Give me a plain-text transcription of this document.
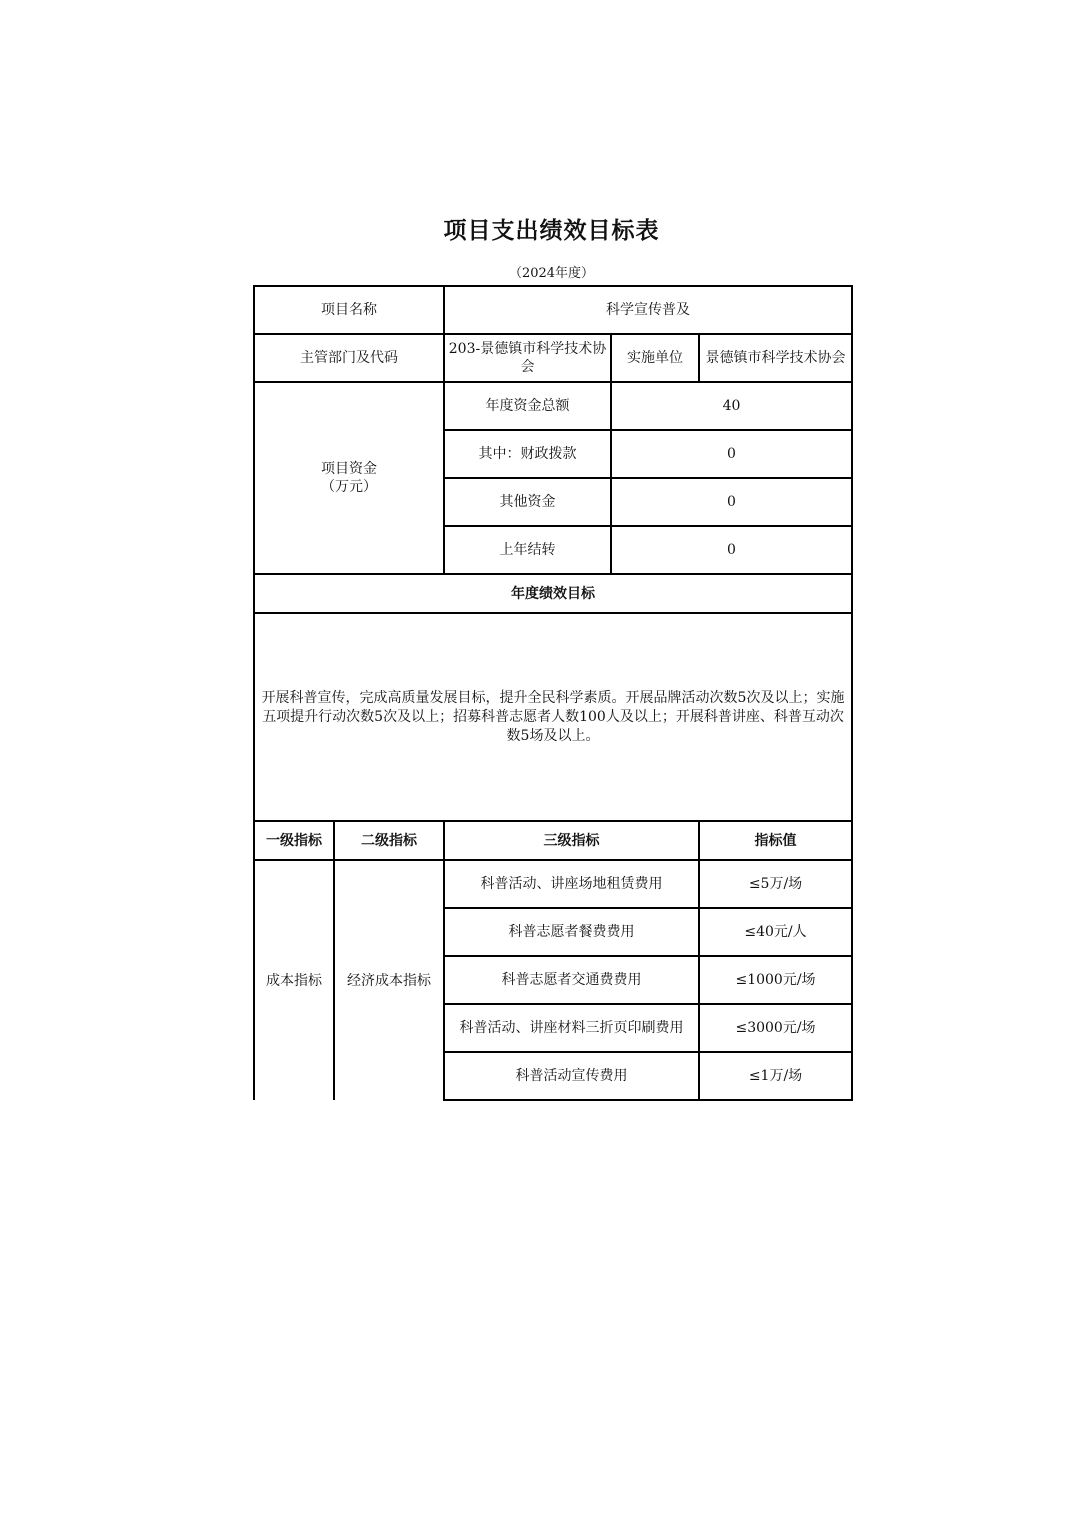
项目支出绩效目标表
（2024年度）
项目名称		科学宣传普及		
主管部门及代码		203-景德镇市科学技术协会	实施单位	景德镇市科学技术协会

项目资金
（万元）		年度资金总额	40	
		其中：财政拨款	0	
		其他资金	0	
		上年结转	0	
年度绩效目标				
开展科普宣传，完成高质量发展目标，提升全民科学素质。开展品牌活动次数5次及以上；实施五项提升行动次数5次及以上；招募科普志愿者人数100人及以上；开展科普讲座、科普互动次数5场及以上。				
一级指标	二级指标	三级指标		指标值
成本指标	经济成本指标	科普活动、讲座场地租赁费用		≤5万/场
		科普志愿者餐费费用		≤40元/人
		科普志愿者交通费费用		≤1000元/场
		科普活动、讲座材料三折页印刷费用		≤3000元/场
		科普活动宣传费用		≤1万/场
